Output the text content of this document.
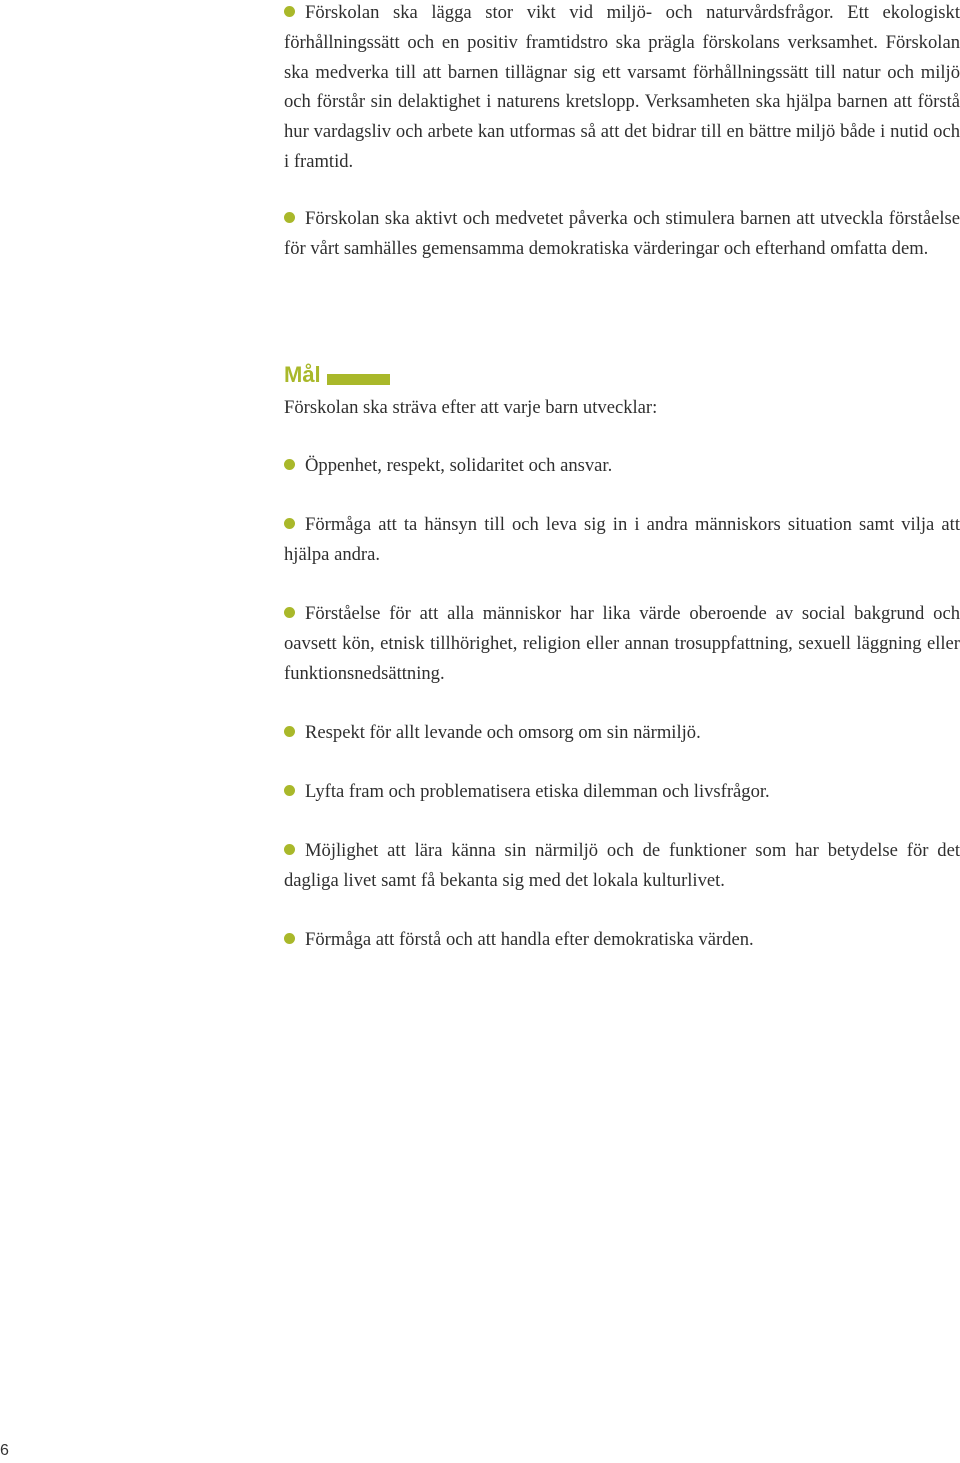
Förskolan ska lägga stor vikt vid miljö- och naturvårdsfrågor. Ett ekologiskt förhållningssätt och en positiv framtidstro ska prägla förskolans verksamhet. Förskolan ska medverka till att barnen tillägnar sig ett varsamt förhållningssätt till natur och miljö och förstår sin delaktighet i naturens kretslopp. Verksamheten ska hjälpa barnen att förstå hur vardagsliv och arbete kan utformas så att det bidrar till en bättre miljö både i nutid och i framtid.

Förskolan ska aktivt och medvetet påverka och stimulera barnen att utveckla förståelse för vårt samhälles gemensamma demokratiska värderingar och efterhand omfatta dem.

Mål

Förskolan ska sträva efter att varje barn utvecklar:

Öppenhet, respekt, solidaritet och ansvar.

Förmåga att ta hänsyn till och leva sig in i andra människors situation samt vilja att hjälpa andra.

Förståelse för att alla människor har lika värde oberoende av social bakgrund och oavsett kön, etnisk tillhörighet, religion eller annan trosuppfattning, sexuell läggning eller funktionsnedsättning.

Respekt för allt levande och omsorg om sin närmiljö.

Lyfta fram och problematisera etiska dilemman och livsfrågor.

Möjlighet att lära känna sin närmiljö och de funktioner som har betydelse för det dagliga livet samt få bekanta sig med det lokala kulturlivet.

Förmåga att förstå och att handla efter demokratiska värden.

6
